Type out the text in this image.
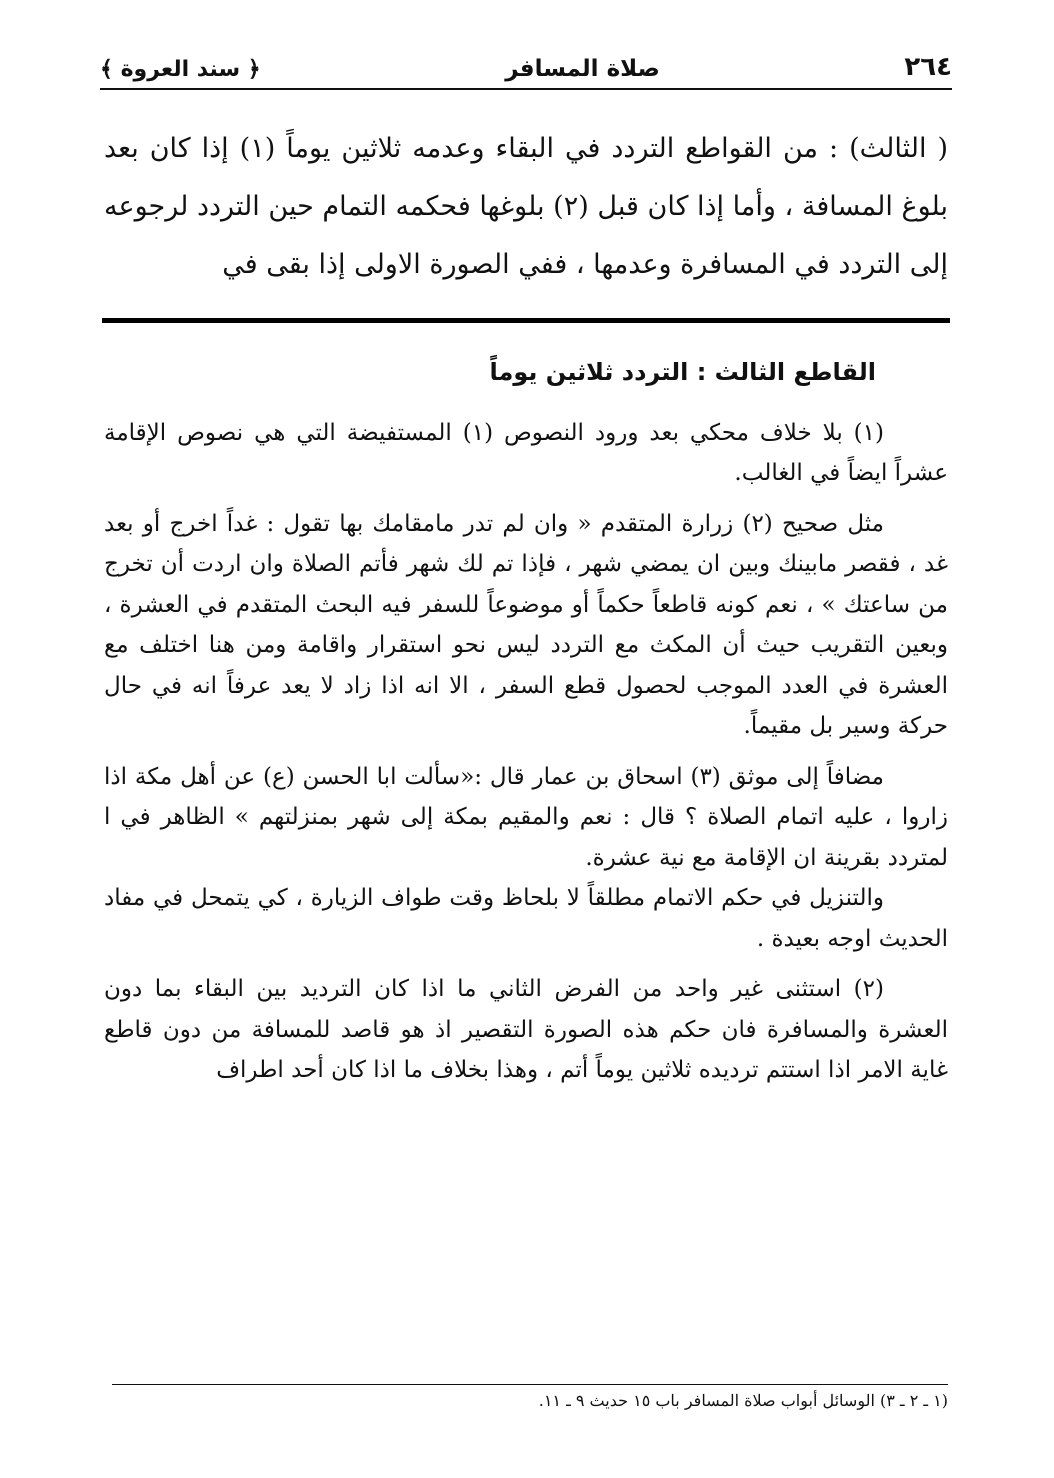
٢٦٤
صلاة المسافر
﴿ سند العروة ﴾

( الثالث) : من القواطع التردد في البقاء وعدمه ثلاثين يوماً (١) إذا كان بعد بلوغ المسافة ، وأما إذا كان قبل (٢) بلوغها فحكمه التمام حين التردد لرجوعه إلى التردد في المسافرة وعدمها ، ففي الصورة الاولى إذا بقى في

القاطع الثالث : التردد ثلاثين يوماً

(١) بلا خلاف محكي بعد ورود النصوص (١) المستفيضة التي هي نصوص الإقامة عشراً ايضاً في الغالب.

مثل صحيح (٢) زرارة المتقدم « وان لم تدر مامقامك بها تقول : غداً اخرج أو بعد غد ، فقصر مابينك وبين ان يمضي شهر ، فإذا تم لك شهر فأتم الصلاة وان اردت أن تخرج من ساعتك » ، نعم كونه قاطعاً حكماً أو موضوعاً للسفر فيه البحث المتقدم في العشرة ، وبعين التقريب حيث أن المكث مع التردد ليس نحو استقرار واقامة ومن هنا اختلف مع العشرة في العدد الموجب لحصول قطع السفر ، الا انه اذا زاد لا يعد عرفاً انه في حال حركة وسير بل مقيماً.

مضافاً إلى موثق (٣) اسحاق بن عمار قال :«سألت ابا الحسن (ع) عن أهل مكة اذا زاروا ، عليه اتمام الصلاة ؟ قال : نعم والمقيم بمكة إلى شهر بمنزلتهم » الظاهر في ا لمتردد بقرينة ان الإقامة مع نية عشرة.

والتنزيل في حكم الاتمام مطلقاً لا بلحاظ وقت طواف الزيارة ، كي يتمحل في مفاد الحديث اوجه بعيدة .

(٢) استثنى غير واحد من الفرض الثاني ما اذا كان الترديد بين البقاء بما دون العشرة والمسافرة فان حكم هذه الصورة التقصير اذ هو قاصد للمسافة من دون قاطع غاية الامر اذا استتم ترديده ثلاثين يوماً أتم ، وهذا بخلاف ما اذا كان أحد اطراف

(١ ـ ٢ ـ ٣) الوسائل أبواب صلاة المسافر باب ١٥ حديث ٩ ـ ١١.
